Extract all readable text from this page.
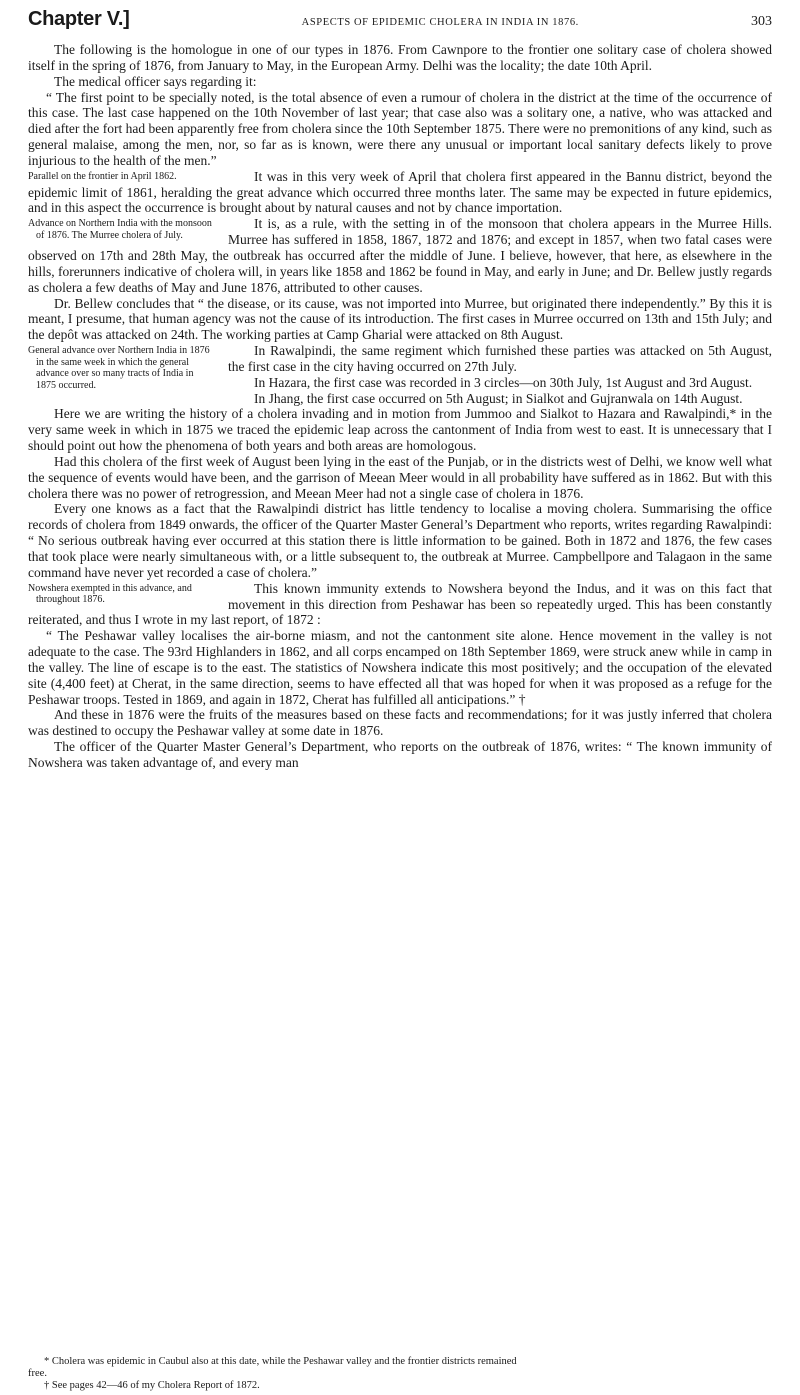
Chapter V.]	ASPECTS OF EPIDEMIC CHOLERA IN INDIA IN 1876.	303

The following is the homologue in one of our types in 1876. From Cawnpore to the frontier one solitary case of cholera showed itself in the spring of 1876, from January to May, in the European Army. Delhi was the locality; the date 10th April.

The medical officer says regarding it:

“ The first point to be specially noted, is the total absence of even a rumour of cholera in the district at the time of the occurrence of this case. The last case happened on the 10th November of last year; that case also was a solitary one, a native, who was attacked and died after the fort had been apparently free from cholera since the 10th September 1875. There were no premonitions of any kind, such as general malaise, among the men, nor, so far as is known, were there any unusual or important local sanitary defects likely to prove injurious to the health of the men.”

Parallel on the frontier in April 1862.	It was in this very week of April that cholera first appeared in the Bannu district, beyond the epidemic limit of 1861, heralding the great advance which occurred three months later. The same may be expected in future epidemics, and in this aspect the occurrence is brought about by natural causes and not by chance importation.

Advance on Northern India with the monsoon of 1876. The Murree cholera of July.

It is, as a rule, with the setting in of the monsoon that cholera appears in the Murree Hills. Murree has suffered in 1858, 1867, 1872 and 1876; and except in 1857, when two fatal cases were observed on 17th and 28th May, the outbreak has occurred after the middle of June. I believe, however, that here, as elsewhere in the hills, forerunners indicative of cholera will, in years like 1858 and 1862 be found in May, and early in June; and Dr. Bellew justly regards as cholera a few deaths of May and June 1876, attributed to other causes.

Dr. Bellew concludes that “ the disease, or its cause, was not imported into Murree, but originated there independently.” By this it is meant, I presume, that human agency was not the cause of its introduction. The first cases in Murree occurred on 13th and 15th July; and the depôt was attacked on 24th. The working parties at Camp Gharial were attacked on 8th August.

General advance over Northern India in 1876 in the same week in which the general advance over so many tracts of India in 1875 occurred.

In Rawalpindi, the same regiment which furnished these parties was attacked on 5th August, the first case in the city having occurred on 27th July.

In Hazara, the first case was recorded in 3 circles—on 30th July, 1st August and 3rd August.

In Jhang, the first case occurred on 5th August; in Sialkot and Gujranwala on 14th August.

Here we are writing the history of a cholera invading and in motion from Jummoo and Sialkot to Hazara and Rawalpindi,* in the very same week in which in 1875 we traced the epidemic leap across the cantonment of India from west to east. It is unnecessary that I should point out how the phenomena of both years and both areas are homologous.

Had this cholera of the first week of August been lying in the east of the Punjab, or in the districts west of Delhi, we know well what the sequence of events would have been, and the garrison of Meean Meer would in all probability have suffered as in 1862. But with this cholera there was no power of retrogression, and Meean Meer had not a single case of cholera in 1876.

Every one knows as a fact that the Rawalpindi district has little tendency to localise a moving cholera. Summarising the office records of cholera from 1849 onwards, the officer of the Quarter Master General’s Department who reports, writes regarding Rawalpindi: “ No serious outbreak having ever occurred at this station there is little information to be gained. Both in 1872 and 1876, the few cases that took place were nearly simultaneous with, or a little subsequent to, the outbreak at Murree. Campbellpore and Talagaon in the same command have never yet recorded a case of cholera.”

Nowshera exempted in this advance, and throughout 1876.

This known immunity extends to Nowshera beyond the Indus, and it was on this fact that movement in this direction from Peshawar has been so repeatedly urged. This has been constantly reiterated, and thus I wrote in my last report, of 1872 :

“ The Peshawar valley localises the air-borne miasm, and not the cantonment site alone. Hence movement in the valley is not adequate to the case. The 93rd Highlanders in 1862, and all corps encamped on 18th September 1869, were struck anew while in camp in the valley. The line of escape is to the east. The statistics of Nowshera indicate this most positively; and the occupation of the elevated site (4,400 feet) at Cherat, in the same direction, seems to have effected all that was hoped for when it was proposed as a refuge for the Peshawar troops. Tested in 1869, and again in 1872, Cherat has fulfilled all anticipations.” †

And these in 1876 were the fruits of the measures based on these facts and recommendations; for it was justly inferred that cholera was destined to occupy the Peshawar valley at some date in 1876.

The officer of the Quarter Master General’s Department, who reports on the outbreak of 1876, writes: “ The known immunity of Nowshera was taken advantage of, and every man

* Cholera was epidemic in Caubul also at this date, while the Peshawar valley and the frontier districts remained

free.

† See pages 42—46 of my Cholera Report of 1872.
